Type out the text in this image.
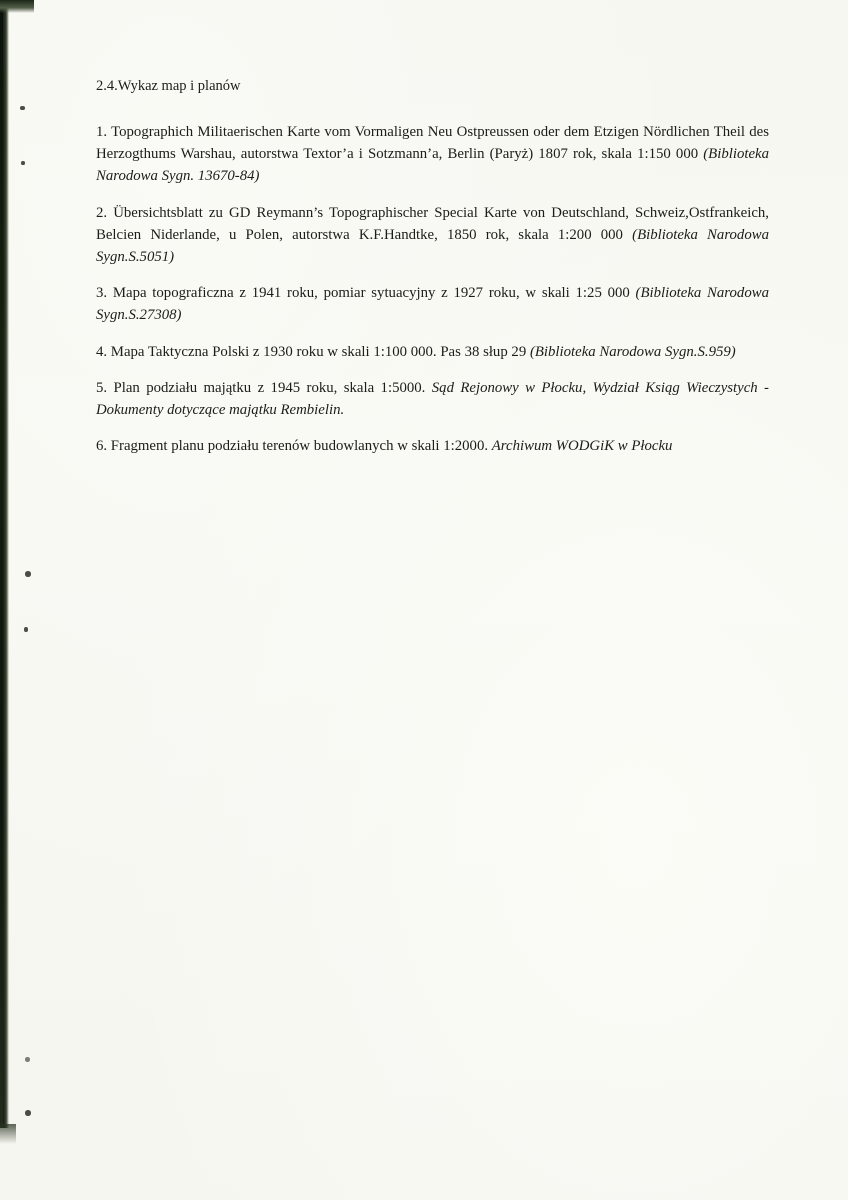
2.4.Wykaz map i planów

1. Topographich Militaerischen Karte vom Vormaligen Neu Ostpreussen oder dem Etzigen Nördlichen Theil des Herzogthums Warshau, autorstwa Textor’a i Sotzmann’a, Berlin (Paryż) 1807 rok, skala 1:150 000 (Biblioteka Narodowa Sygn. 13670-84)

2. Übersichtsblatt zu GD Reymann’s Topographischer Special Karte von Deutschland, Schweiz,Ostfrankeich, Belcien Niderlande, u Polen, autorstwa K.F.Handtke, 1850 rok, skala 1:200 000 (Biblioteka Narodowa Sygn.S.5051)

3. Mapa topograficzna z 1941 roku, pomiar sytuacyjny z 1927 roku, w skali 1:25 000 (Biblioteka Narodowa Sygn.S.27308)

4. Mapa Taktyczna Polski z 1930 roku w skali 1:100 000. Pas 38 słup 29 (Biblioteka Narodowa Sygn.S.959)

5. Plan podziału majątku z 1945 roku, skala 1:5000. Sąd Rejonowy w Płocku, Wydział Ksiąg Wieczystych - Dokumenty dotyczące majątku Rembielin.

6. Fragment planu podziału terenów budowlanych w skali 1:2000. Archiwum WODGiK w Płocku
